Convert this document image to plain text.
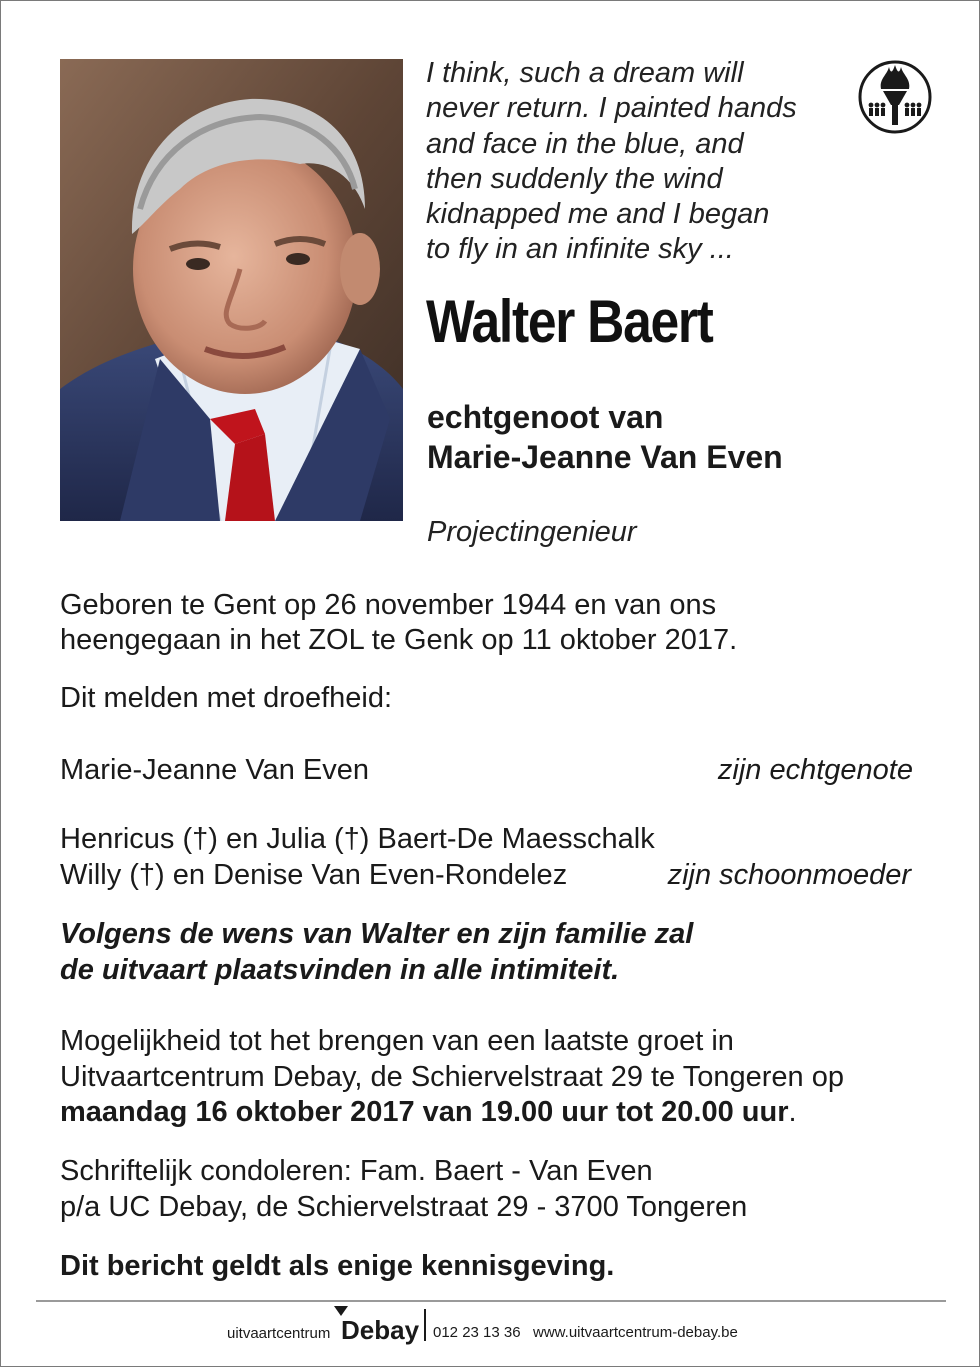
I think, such a dream will
never return. I painted hands
and face in the blue, and
then suddenly the wind
kidnapped me and I began
to fly in an infinite sky ...
Walter Baert
echtgenoot van
Marie-Jeanne Van Even
Projectingenieur
Geboren te Gent op 26 november 1944 en van ons
heengegaan in het ZOL te Genk op 11 oktober 2017.
Dit melden met droefheid:
Marie-Jeanne Van Even	zijn echtgenote
Henricus (†) en Julia (†) Baert-De Maesschalk
Willy (†) en Denise Van Even-Rondelez	zijn schoonmoeder
Volgens de wens van Walter en zijn familie zal
de uitvaart plaatsvinden in alle intimiteit.
Mogelijkheid tot het brengen van een laatste groet in
Uitvaartcentrum Debay, de Schiervelstraat 29 te Tongeren op
maandag 16 oktober 2017 van 19.00 uur tot 20.00 uur.
Schriftelijk condoleren: Fam. Baert - Van Even
p/a UC Debay, de Schiervelstraat 29 - 3700 Tongeren
Dit bericht geldt als enige kennisgeving.
uitvaartcentrum Debay 012 23 13 36 www.uitvaartcentrum-debay.be
